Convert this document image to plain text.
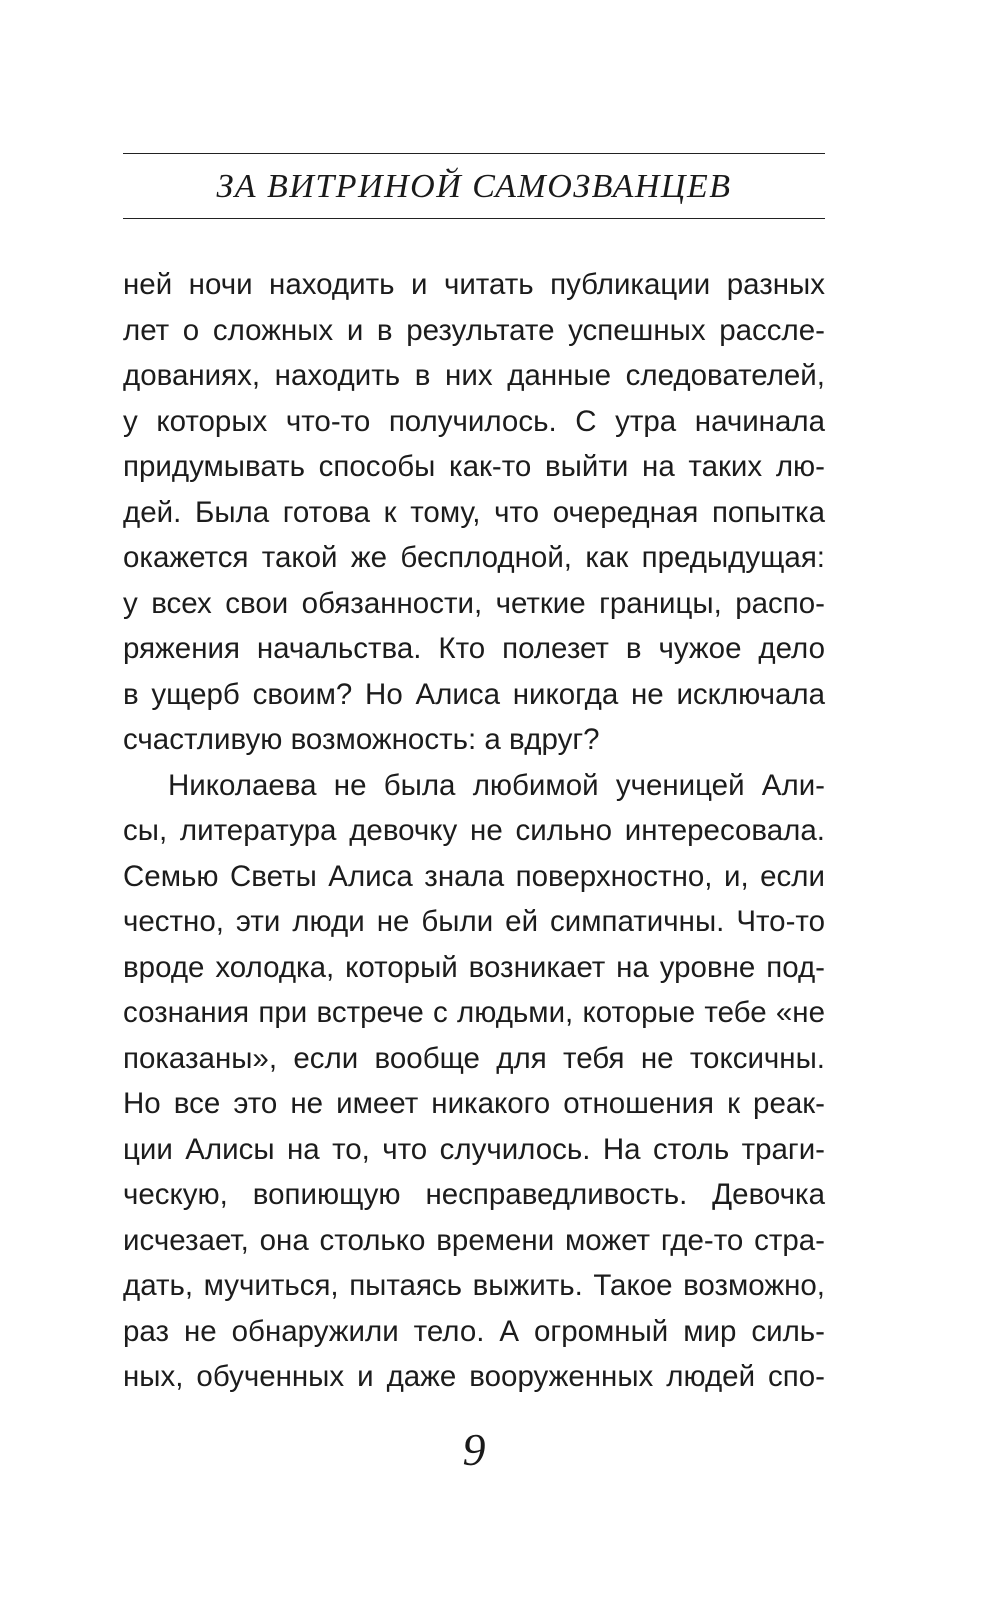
ЗА ВИТРИНОЙ САМОЗВАНЦЕВ
ней ночи находить и читать публикации разных
лет о сложных и в результате успешных рассле-
дованиях, находить в них данные следователей,
у которых что-то получилось. С утра начинала
придумывать способы как-то выйти на таких лю-
дей. Была готова к тому, что очередная попытка
окажется такой же бесплодной, как предыдущая:
у всех свои обязанности, четкие границы, распо-
ряжения начальства. Кто полезет в чужое дело
в ущерб своим? Но Алиса никогда не исключала
счастливую возможность: а вдруг?
Николаева не была любимой ученицей Али-
сы, литература девочку не сильно интересовала.
Семью Светы Алиса знала поверхностно, и, если
честно, эти люди не были ей симпатичны. Что-то
вроде холодка, который возникает на уровне под-
сознания при встрече с людьми, которые тебе «не
показаны», если вообще для тебя не токсичны.
Но все это не имеет никакого отношения к реак-
ции Алисы на то, что случилось. На столь траги-
ческую, вопиющую несправедливость. Девочка
исчезает, она столько времени может где-то стра-
дать, мучиться, пытаясь выжить. Такое возможно,
раз не обнаружили тело. А огромный мир силь-
ных, обученных и даже вооруженных людей спо-
9
